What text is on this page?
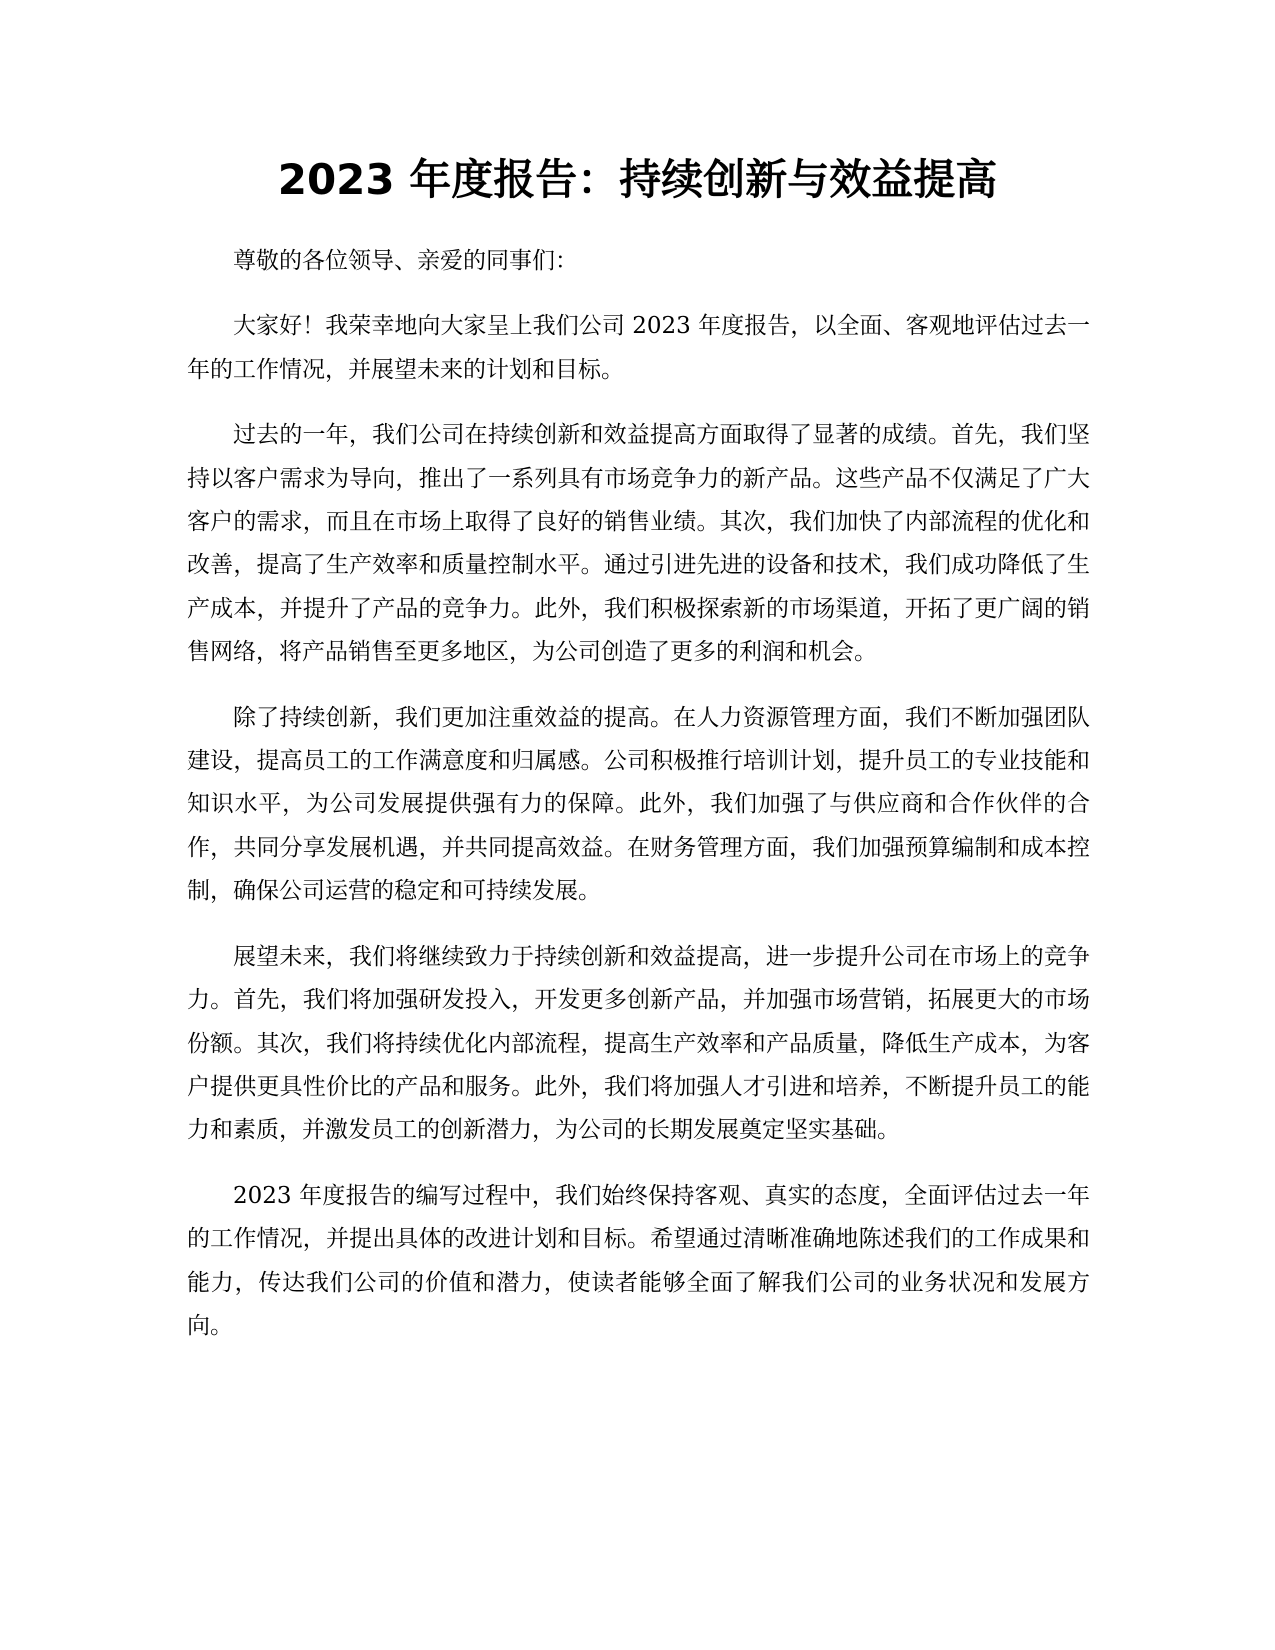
2023 年度报告：持续创新与效益提高

尊敬的各位领导、亲爱的同事们：

大家好！我荣幸地向大家呈上我们公司 2023 年度报告，以全面、客观地评估过去一年的工作情况，并展望未来的计划和目标。

过去的一年，我们公司在持续创新和效益提高方面取得了显著的成绩。首先，我们坚持以客户需求为导向，推出了一系列具有市场竞争力的新产品。这些产品不仅满足了广大客户的需求，而且在市场上取得了良好的销售业绩。其次，我们加快了内部流程的优化和改善，提高了生产效率和质量控制水平。通过引进先进的设备和技术，我们成功降低了生产成本，并提升了产品的竞争力。此外，我们积极探索新的市场渠道，开拓了更广阔的销售网络，将产品销售至更多地区，为公司创造了更多的利润和机会。

除了持续创新，我们更加注重效益的提高。在人力资源管理方面，我们不断加强团队建设，提高员工的工作满意度和归属感。公司积极推行培训计划，提升员工的专业技能和知识水平，为公司发展提供强有力的保障。此外，我们加强了与供应商和合作伙伴的合作，共同分享发展机遇，并共同提高效益。在财务管理方面，我们加强预算编制和成本控制，确保公司运营的稳定和可持续发展。

展望未来，我们将继续致力于持续创新和效益提高，进一步提升公司在市场上的竞争力。首先，我们将加强研发投入，开发更多创新产品，并加强市场营销，拓展更大的市场份额。其次，我们将持续优化内部流程，提高生产效率和产品质量，降低生产成本，为客户提供更具性价比的产品和服务。此外，我们将加强人才引进和培养，不断提升员工的能力和素质，并激发员工的创新潜力，为公司的长期发展奠定坚实基础。

2023 年度报告的编写过程中，我们始终保持客观、真实的态度，全面评估过去一年的工作情况，并提出具体的改进计划和目标。希望通过清晰准确地陈述我们的工作成果和能力，传达我们公司的价值和潜力，使读者能够全面了解我们公司的业务状况和发展方向。
